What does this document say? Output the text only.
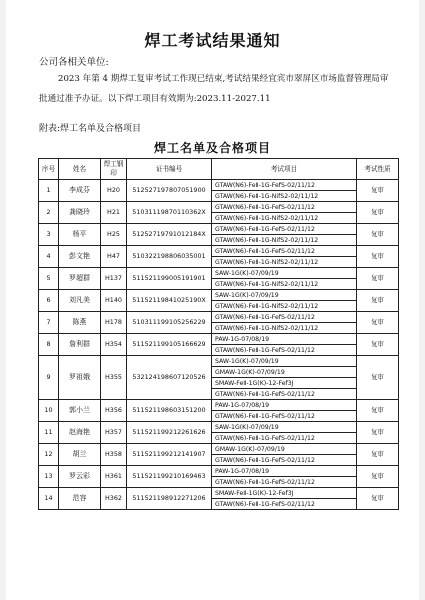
焊工考试结果通知
公司各相关单位:
2023 年第 4 期焊工复审考试工作现已结束,考试结果经宜宾市翠屏区市场监督管理局审批通过准予办证。以下焊工项目有效期为:2023.11-2027.11
附表:焊工名单及合格项目
焊工名单及合格项目
序号	姓名	焊工钢印	证书编号	考试项目	考试性质
1	李成芬	H20	512527197807051900	GTAW(N6)-FeⅡ-1G-FefS-02/11/12	复审
				GTAW(N6)-FeⅡ-1G-NifS2-02/11/12	
2	龚晓玲	H21	51031119870110362X	GTAW(N6)-FeⅡ-1G-FefS-02/11/12	复审
				GTAW(N6)-FeⅡ-1G-NifS2-02/11/12	
3	杨平	H25	51252719791012184X	GTAW(N6)-FeⅡ-1G-FefS-02/11/12	复审
				GTAW(N6)-FeⅡ-1G-NifS2-02/11/12	
4	彭文艳	H47	510322198806035001	GTAW(N6)-FeⅡ-1G-FefS-02/11/12	复审
				GTAW(N6)-FeⅡ-1G-NifS2-02/11/12	
5	罗超群	H137	511521199005191901	SAW-1G(K)-07/09/19	复审
				GTAW(N6)-FeⅡ-1G-NifS2-02/11/12	
6	刘凡美	H140	51152119841025190X	SAW-1G(K)-07/09/19	复审
				GTAW(N6)-FeⅡ-1G-NifS2-02/11/12	
7	陈燕	H178	510311199105256229	GTAW(N6)-FeⅡ-1G-FefS-02/11/12	复审
				GTAW(N6)-FeⅡ-1G-NifS2-02/11/12	
8	詹利群	H354	511521199105166629	PAW-1G-07/08/19	复审
				GTAW(N6)-FeⅡ-1G-FefS-02/11/12	
9	罗祖娥	H355	532124198607120526	SAW-1G(K)-07/09/19	复审
				GMAW-1G(K)-07/09/19	
				SMAW-FeⅡ-1G(K)-12-Fef3J	
				GTAW(N6)-FeⅡ-1G-FefS-02/11/12	
10	郭小兰	H356	511521198603151200	PAW-1G-07/08/19	复审
				GTAW(N6)-FeⅡ-1G-FefS-02/11/12	
11	赵海艳	H357	511521199212261626	SAW-1G(K)-07/09/19	复审
				GTAW(N6)-FeⅡ-1G-FefS-02/11/12	
12	胡兰	H358	511521199212141907	GMAW-1G(K)-07/09/19	复审
				GTAW(N6)-FeⅡ-1G-FefS-02/11/12	
13	罗云彩	H361	511521199210169463	PAW-1G-07/08/19	复审
				GTAW(N6)-FeⅡ-1G-FefS-02/11/12	
14	范容	H362	511521198912271206	SMAW-FeⅡ-1G(K)-12-Fef3J	复审
				GTAW(N6)-FeⅡ-1G-FefS-02/11/12	
